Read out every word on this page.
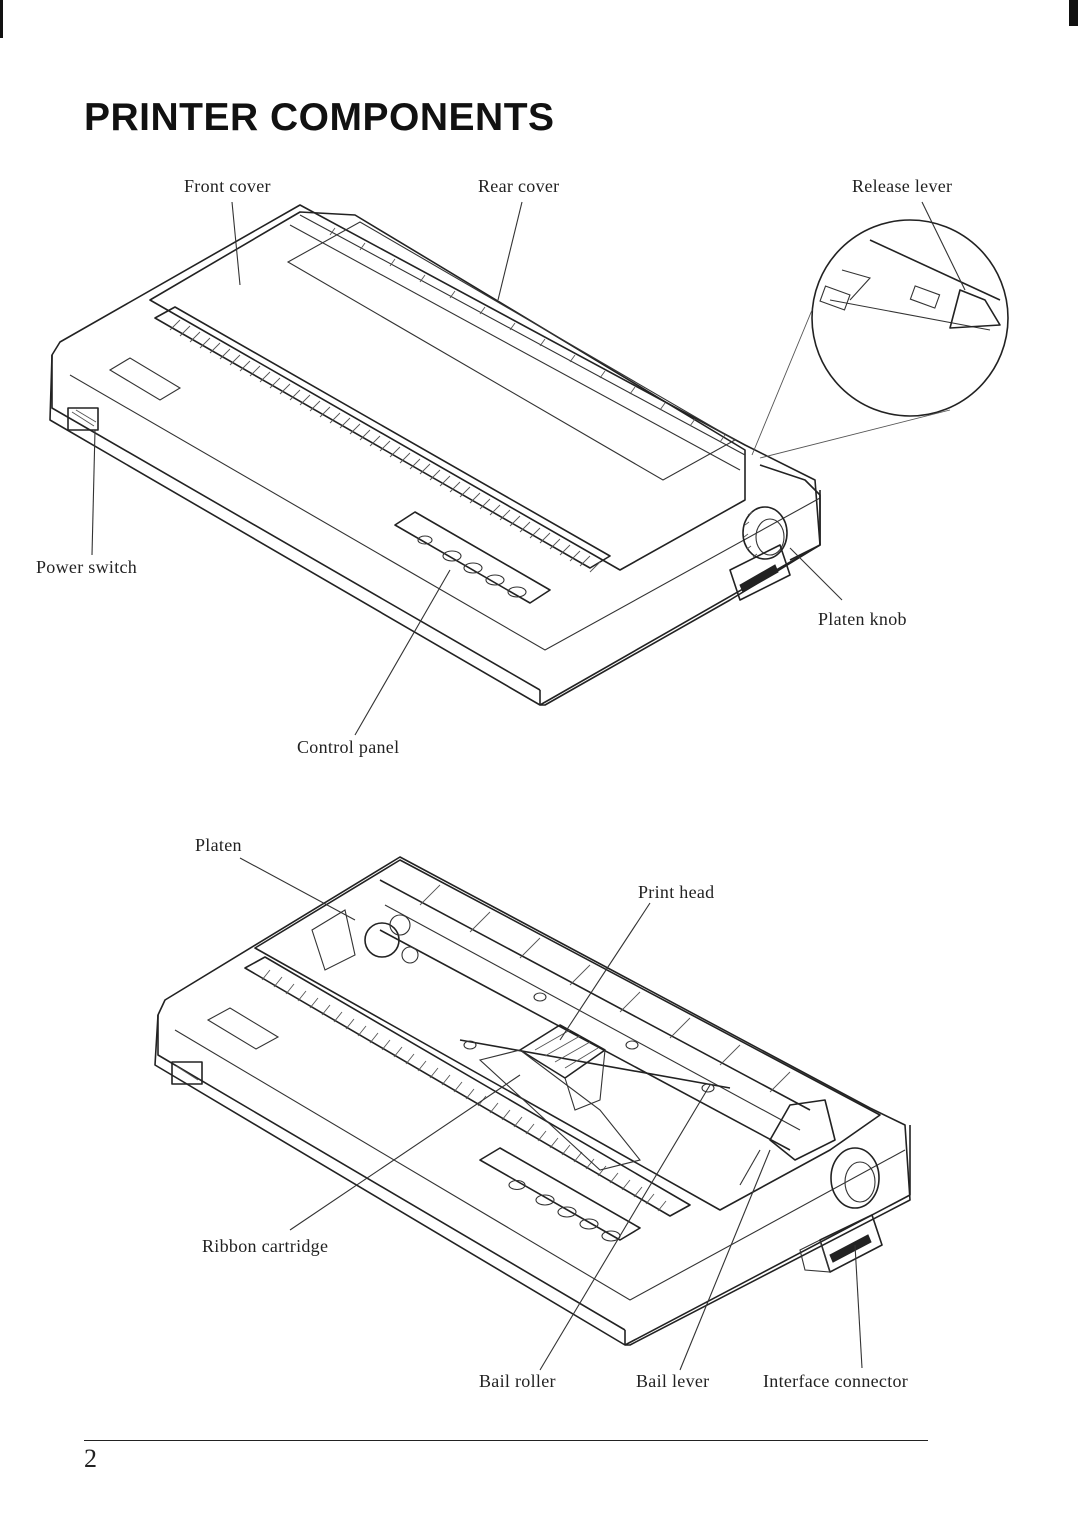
PRINTER COMPONENTS
Front cover	Rear cover	Release lever
Power switch
Platen knob
Control panel
Platen
Print head
Ribbon cartridge
Bail roller	Bail lever	Interface connector
2
